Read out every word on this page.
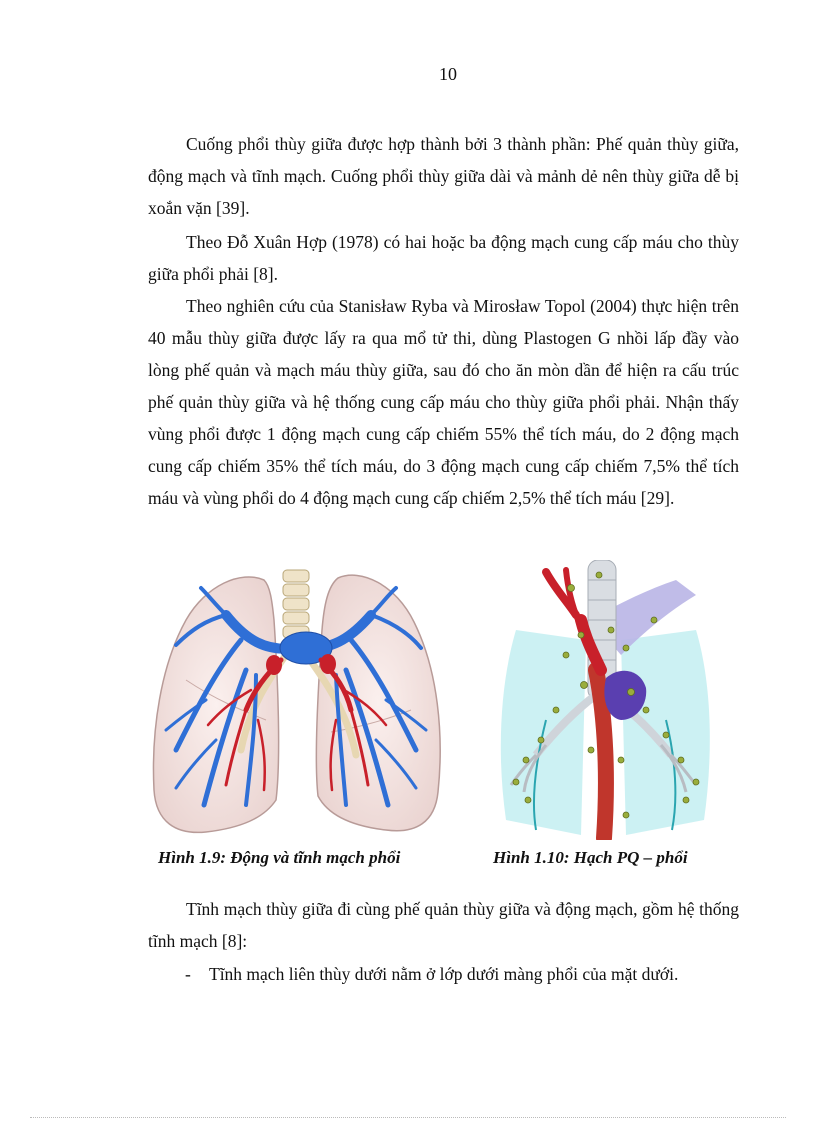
10

Cuống phổi thùy giữa được hợp thành bởi 3 thành phần: Phế quản thùy giữa, động mạch và tĩnh mạch. Cuống phổi thùy giữa dài và mảnh dẻ nên thùy giữa dễ bị xoắn vặn [39].

Theo Đỗ Xuân Hợp (1978) có hai hoặc ba động mạch cung cấp máu cho thùy giữa phổi phải [8].

Theo nghiên cứu của Stanisław Ryba và Mirosław Topol (2004) thực hiện trên 40 mẫu thùy giữa được lấy ra qua mổ tử thi, dùng Plastogen G nhồi lấp đầy vào lòng phế quản và mạch máu thùy giữa, sau đó cho ăn mòn dần để hiện ra cấu trúc phế quản thùy giữa và hệ thống cung cấp máu cho thùy giữa phổi phải. Nhận thấy vùng phổi được 1 động mạch cung cấp chiếm 55% thể tích máu, do 2 động mạch cung cấp chiếm 35% thể tích máu, do 3 động mạch cung cấp chiếm 7,5% thể tích máu và vùng phổi do 4 động mạch cung cấp chiếm 2,5% thể tích máu [29].

Hình 1.9: Động và tĩnh mạch phổi	Hình 1.10: Hạch PQ – phổi

Tĩnh mạch thùy giữa đi cùng phế quản thùy giữa và động mạch, gồm hệ thống tĩnh mạch [8]:

- Tĩnh mạch liên thùy dưới nằm ở lớp dưới màng phổi của mặt dưới.
